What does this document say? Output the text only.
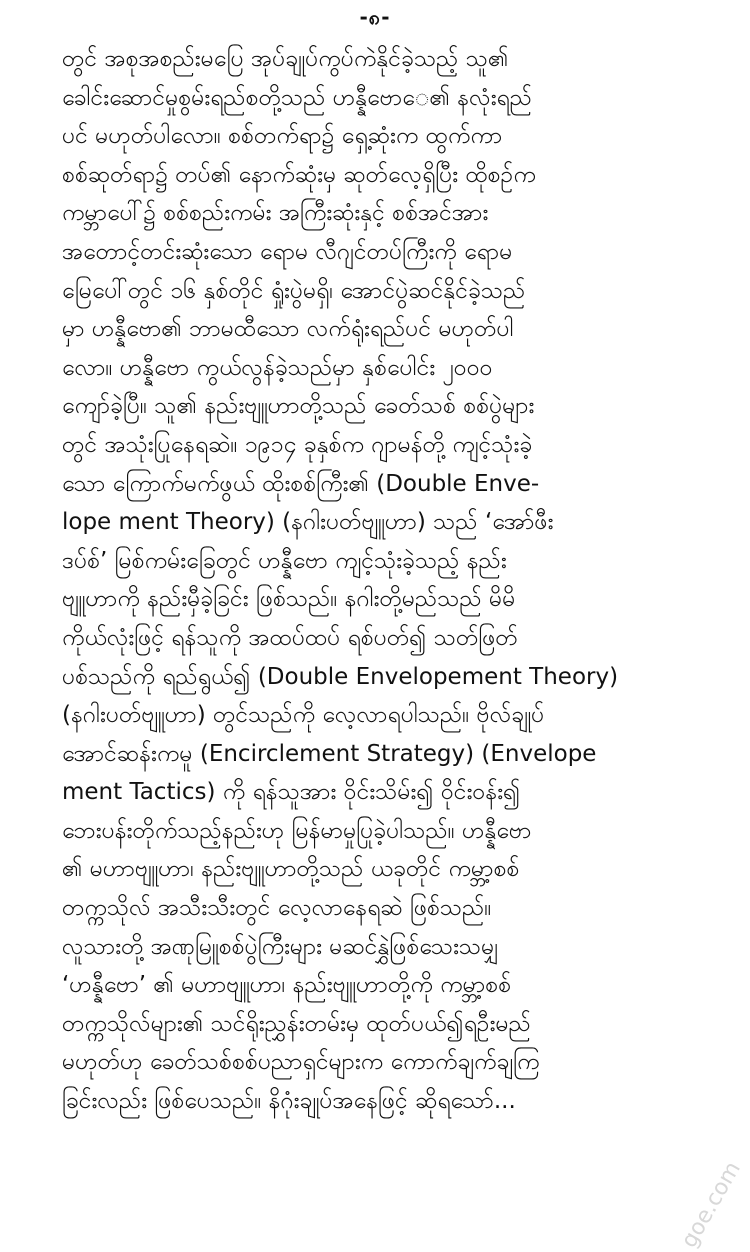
-၈-
တွင် အစုအစည်းမပြေ အုပ်ချုပ်ကွပ်ကဲနိုင်ခဲ့သည့် သူ၏
ခေါင်းဆောင်မှုစွမ်းရည်စတို့သည် ဟန္နီဗောေ၏ နလုံးရည်
ပင် မဟုတ်ပါလော။ စစ်တက်ရာ၌ ရှေ့ဆုံးက ထွက်ကာ
စစ်ဆုတ်ရာ၌ တပ်၏ နောက်ဆုံးမှ ဆုတ်လေ့ရှိပြီး ထိုစဉ်က
ကမ္ဘာပေါ်၌ စစ်စည်းကမ်း အကြီးဆုံးနှင့် စစ်အင်အား
အတောင့်တင်းဆုံးသော ရောမ လီဂျင်တပ်ကြီးကို ရောမ
မြေပေါ်တွင် ၁၆ နှစ်တိုင် ရှုံးပွဲမရှိ၊ အောင်ပွဲဆင်နိုင်ခဲ့သည်
မှာ ဟန္နီဗော၏ ဘာမထီသော လက်ရုံးရည်ပင် မဟုတ်ပါ
လော။ ဟန္နီဗော ကွယ်လွန်ခဲ့သည်မှာ နှစ်ပေါင်း ၂၀၀၀
ကျော်ခဲ့ပြီ။ သူ၏ နည်းဗျူဟာတို့သည် ခေတ်သစ် စစ်ပွဲများ
တွင် အသုံးပြုနေရဆဲ။ ၁၉၁၄ ခုနှစ်က ဂျာမန်တို့ ကျင့်သုံးခဲ့
သော ကြောက်မက်ဖွယ် ထိုးစစ်ကြီး၏ (Double Enve-
lope ment Theory) (နဂါးပတ်ဗျူဟာ) သည် ‘အော်ဖီး
ဒပ်စ်’ မြစ်ကမ်းခြေတွင် ဟန္နီဗော ကျင့်သုံးခဲ့သည့် နည်း
ဗျူဟာကို နည်းမှီခဲ့ခြင်း ဖြစ်သည်။ နဂါးတို့မည်သည် မိမိ
ကိုယ်လုံးဖြင့် ရန်သူကို အထပ်ထပ် ရစ်ပတ်၍ သတ်ဖြတ်
ပစ်သည်ကို ရည်ရွယ်၍ (Double Envelopement Theory)
(နဂါးပတ်ဗျူဟာ) တွင်သည်ကို လေ့လာရပါသည်။ ဗိုလ်ချုပ်
အောင်ဆန်းကမူ (Encirclement Strategy) (Envelope
ment Tactics) ကို ရန်သူအား ဝိုင်းသိမ်း၍ ဝိုင်းဝန်း၍
ဘေးပန်းတိုက်သည့်နည်းဟု မြန်မာမှုပြုခဲ့ပါသည်။ ဟန္နီဗော
၏ မဟာဗျူဟာ၊ နည်းဗျူဟာတို့သည် ယခုတိုင် ကမ္ဘာ့စစ်
တက္ကသိုလ် အသီးသီးတွင် လေ့လာနေရဆဲ ဖြစ်သည်။
လူသားတို့ အဏုမြူစစ်ပွဲကြီးများ မဆင်နွှဲဖြစ်သေးသမျှ
‘ဟန္နီဗော’ ၏ မဟာဗျူဟာ၊ နည်းဗျူဟာတို့ကို ကမ္ဘာ့စစ်
တက္ကသိုလ်များ၏ သင်ရိုးညွှန်းတမ်းမှ ထုတ်ပယ်၍ရဦးမည်
မဟုတ်ဟု ခေတ်သစ်စစ်ပညာရှင်များက ကောက်ချက်ချကြ
ခြင်းလည်း ဖြစ်ပေသည်။ နိဂုံးချုပ်အနေဖြင့် ဆိုရသော်...
goe.com
